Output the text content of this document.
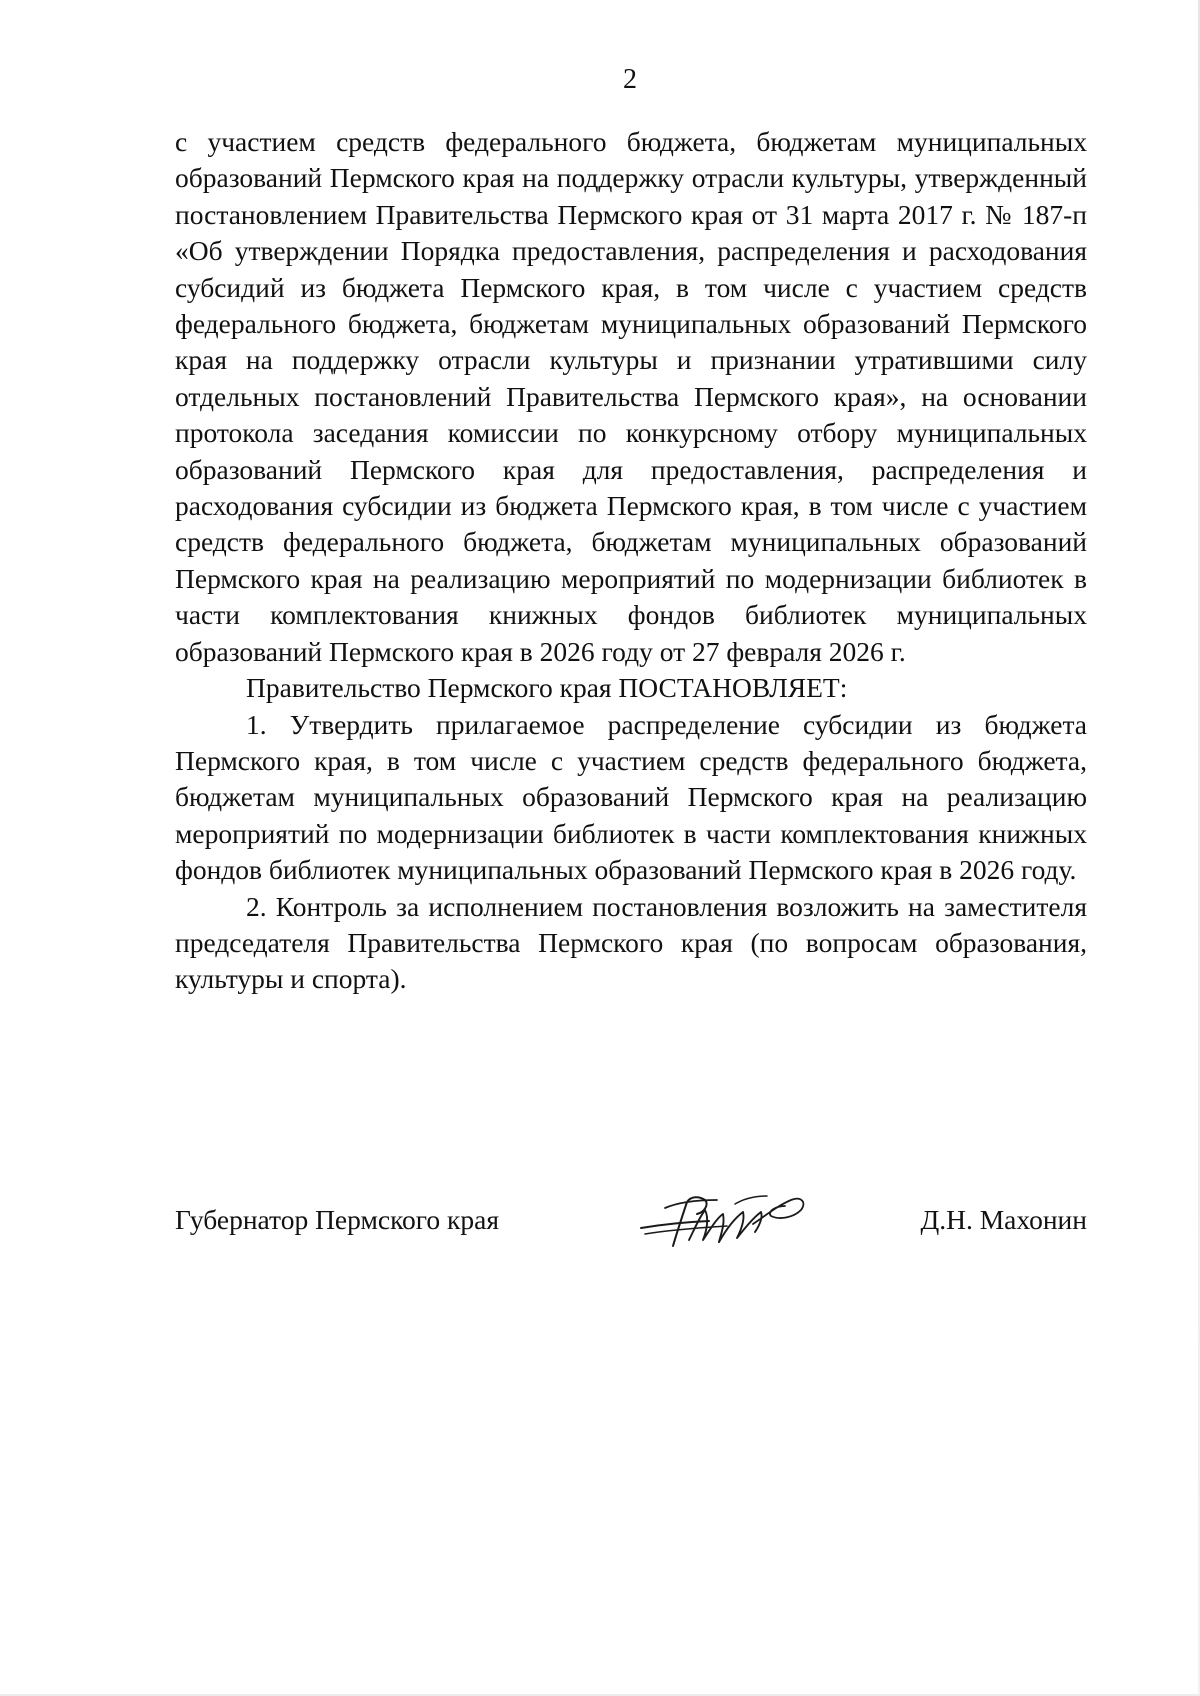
2

с участием средств федерального бюджета, бюджетам муниципальных образований Пермского края на поддержку отрасли культуры, утвержденный постановлением Правительства Пермского края от 31 марта 2017 г. № 187-п «Об утверждении Порядка предоставления, распределения и расходования субсидий из бюджета Пермского края, в том числе с участием средств федерального бюджета, бюджетам муниципальных образований Пермского края на поддержку отрасли культуры и признании утратившими силу отдельных постановлений Правительства Пермского края», на основании протокола заседания комиссии по конкурсному отбору муниципальных образований Пермского края для предоставления, распределения и расходования субсидии из бюджета Пермского края, в том числе с участием средств федерального бюджета, бюджетам муниципальных образований Пермского края на реализацию мероприятий по модернизации библиотек в части комплектования книжных фондов библиотек муниципальных образований Пермского края в 2026 году от 27 февраля 2026 г.

Правительство Пермского края ПОСТАНОВЛЯЕТ:

1. Утвердить прилагаемое распределение субсидии из бюджета Пермского края, в том числе с участием средств федерального бюджета, бюджетам муниципальных образований Пермского края на реализацию мероприятий по модернизации библиотек в части комплектования книжных фондов библиотек муниципальных образований Пермского края в 2026 году.

2. Контроль за исполнением постановления возложить на заместителя председателя Правительства Пермского края (по вопросам образования, культуры и спорта).

Губернатор Пермского края	Д.Н. Махонин
